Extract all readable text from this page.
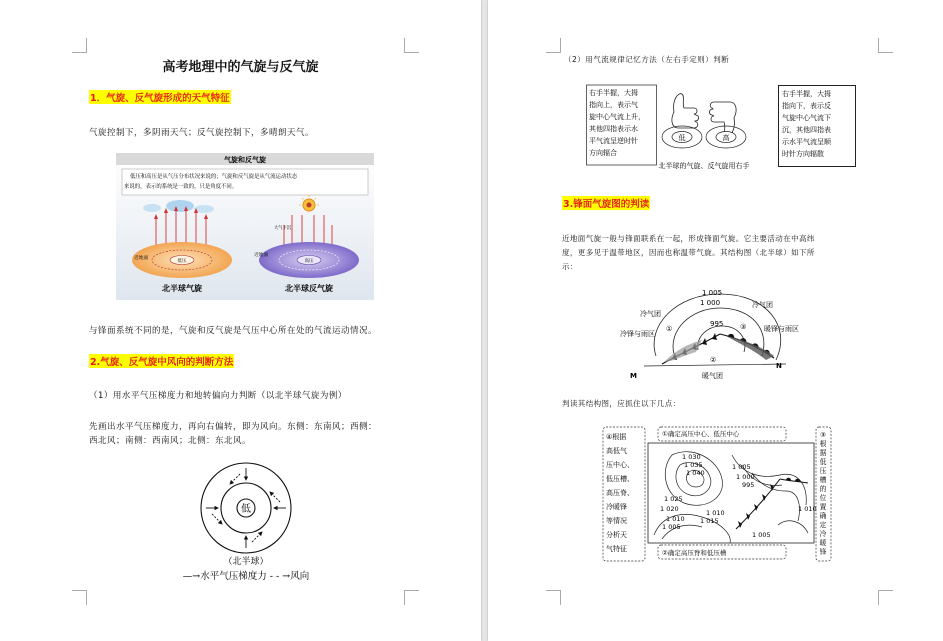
高考地理中的气旋与反气旋
1．气旋、反气旋形成的天气特征
气旋控制下，多阴雨天气；反气旋控制下，多晴朗天气。
气旋和反气旋
低压和高压是从气压分布状况来说的；气旋和反气旋是从气流运动状态
来说的，表示的系统是一致的，只是角度不同。
低压
近地面
北半球气旋
大气下沉
高压
近地面
北半球反气旋
与锋面系统不同的是，气旋和反气旋是气压中心所在处的气流运动情况。
2.气旋、反气旋中风向的判断方法
（1）用水平气压梯度力和地转偏向力判断（以北半球气旋为例）
先画出水平气压梯度力，再向右偏转，即为风向。东侧：东南风；西侧：
西北风；南侧：西南风；北侧：东北风。
低
（北半球）
—→水平气压梯度力 - - →风向
（2）用气流规律记忆方法（左右手定则）判断
右手半握，大拇
指向上，表示气
旋中心气流上升，
其他四指表示水
平气流呈逆时针
方向辐合
低	高
北半球的气旋、反气旋用右手
右手半握，大拇
指向下，表示反
气旋中心气流下
沉，其他四指表
示水平气流呈顺
时针方向辐散
3.锋面气旋图的判读
近地面气旋一般与锋面联系在一起，形成锋面气旋。它主要活动在中高纬
度，更多见于温带地区，因而也称温带气旋。其结构图（北半球）如下所
示：
1 005
1 000
995
冷气团
冷气团
暖气团
冷锋与雨区
暖锋与雨区
M
N
①
②
③
判读其结构图，应抓住以下几点：
①确定高压中心、低压中心
②确定高压脊和低压槽
1 030
1 035
1 040
1 005
1 000
995
1 025
1 020
1 010
1 005
1 015
1 010
1 005
1 010
④根据
高低气
压中心、
低压槽、
高压脊、
冷暖锋
等情况
分析天
气特征
③
根
据
低
压
槽
的
位
置
确
定
冷
暖
锋
